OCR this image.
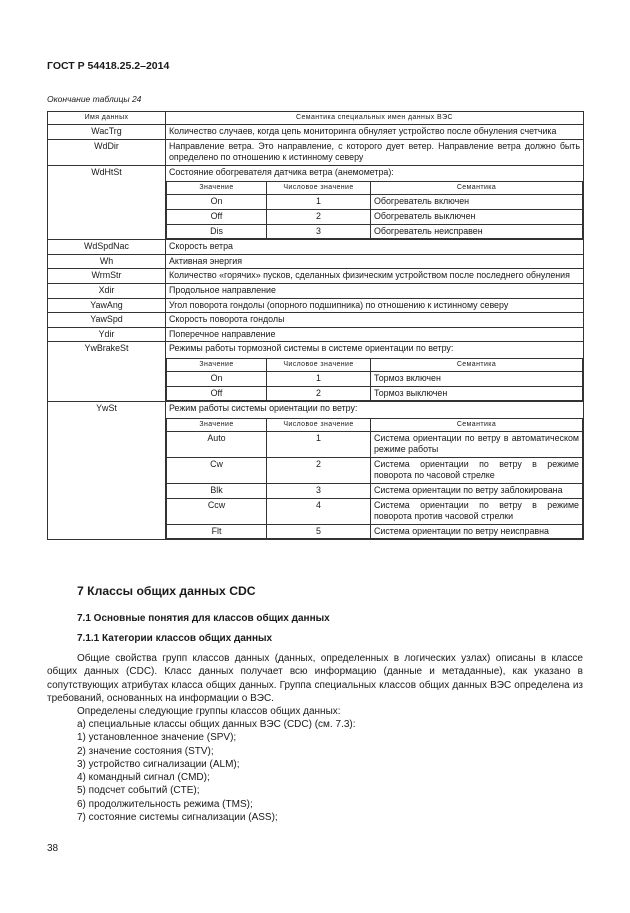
ГОСТ Р 54418.25.2–2014
Окончание таблицы 24
Имя данных	Семантика специальных имен данных ВЭС
WacTrg	Количество случаев, когда цепь мониторинга обнуляет устройство после обнуления счетчика
WdDir	Направление ветра. Это направление, с которого дует ветер. Направление ветра должно быть определено по отношению к истинному северу
WdHtSt	Состояние обогревателя датчика ветра (анемометра):
Значение	Числовое значение	Семантика
On	1	Обогреватель включен
Off	2	Обогреватель выключен
Dis	3	Обогреватель неисправен

WdSpdNac	Скорость ветра
Wh	Активная энергия
WrmStr	Количество «горячих» пусков, сделанных физическим устройством после последнего обнуления
Xdir	Продольное направление
YawAng	Угол поворота гондолы (опорного подшипника) по отношению к истинному северу
YawSpd	Скорость поворота гондолы
Ydir	Поперечное направление
YwBrakeSt	Режимы работы тормозной системы в системе ориентации по ветру:
Значение	Числовое значение	Семантика
On	1	Тормоз включен
Off	2	Тормоз выключен

YwSt	Режим работы системы ориентации по ветру:
Значение	Числовое значение	Семантика
Auto	1	Система ориентации по ветру в автоматическом режиме работы
Cw	2	Система ориентации по ветру в режиме поворота по часовой стрелке
Blk	3	Система ориентации по ветру заблокирована
Ccw	4	Система ориентации по ветру в режиме поворота против часовой стрелки
Flt	5	Система ориентации по ветру неисправна
7 Классы общих данных CDC
7.1 Основные понятия для классов общих данных
7.1.1 Категории классов общих данных
Общие свойства групп классов данных (данных, определенных в логических узлах) описаны в классе общих данных (CDC). Класс данных получает всю информацию (данные и метаданные), как указано в сопутствующих атрибутах класса общих данных. Группа специальных классов общих данных ВЭС определена из требований, основанных на информации о ВЭС.
Определены следующие группы классов общих данных:
а) специальные классы общих данных ВЭС (CDC) (см. 7.3):
1) установленное значение (SPV);
2) значение состояния (STV);
3) устройство сигнализации (ALM);
4) командный сигнал (CMD);
5) подсчет событий (CTE);
6) продолжительность режима (TMS);
7) состояние системы сигнализации (ASS);
38
